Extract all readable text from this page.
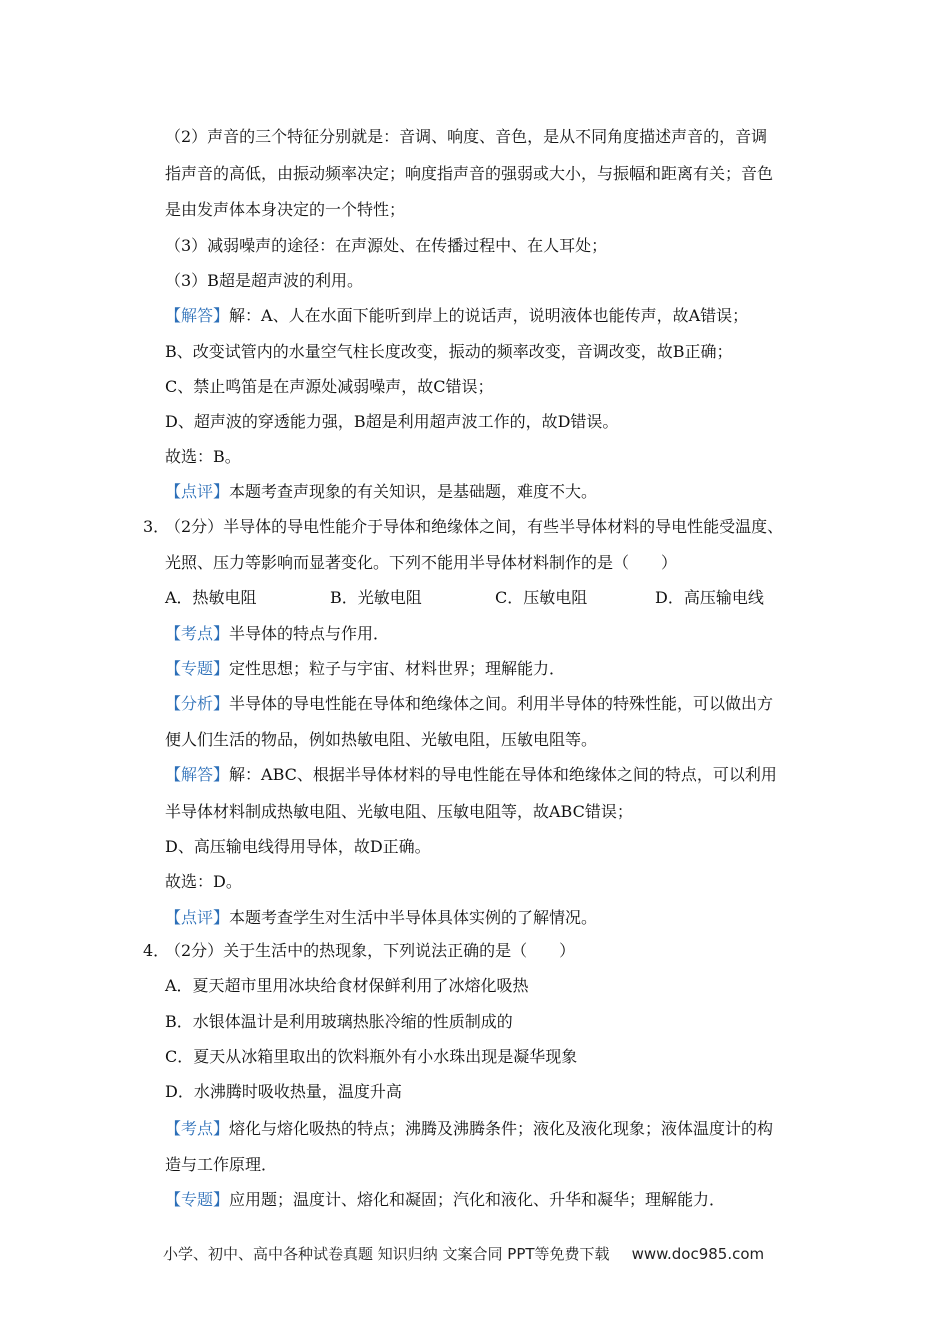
（2）声音的三个特征分别就是：音调、响度、音色，是从不同角度描述声音的，音调
指声音的高低，由振动频率决定；响度指声音的强弱或大小，与振幅和距离有关；音色
是由发声体本身决定的一个特性；
（3）减弱噪声的途径：在声源处、在传播过程中、在人耳处；
（3）B超是超声波的利用。
【解答】解：A、人在水面下能听到岸上的说话声，说明液体也能传声，故A错误；
B、改变试管内的水量空气柱长度改变，振动的频率改变，音调改变，故B正确；
C、禁止鸣笛是在声源处减弱噪声，故C错误；
D、超声波的穿透能力强，B超是利用超声波工作的，故D错误。
故选：B。
【点评】本题考查声现象的有关知识，是基础题，难度不大。
3．
（2分）半导体的导电性能介于导体和绝缘体之间，有些半导体材料的导电性能受温度、
光照、压力等影响而显著变化。下列不能用半导体材料制作的是（　　）
A．热敏电阻	B．光敏电阻	C．压敏电阻	D．高压输电线
【考点】半导体的特点与作用．
【专题】定性思想；粒子与宇宙、材料世界；理解能力．
【分析】半导体的导电性能在导体和绝缘体之间。利用半导体的特殊性能，可以做出方
便人们生活的物品，例如热敏电阻、光敏电阻，压敏电阻等。
【解答】解：ABC、根据半导体材料的导电性能在导体和绝缘体之间的特点，可以利用
半导体材料制成热敏电阻、光敏电阻、压敏电阻等，故ABC错误；
D、高压输电线得用导体，故D正确。
故选：D。
【点评】本题考查学生对生活中半导体具体实例的了解情况。
4．
（2分）关于生活中的热现象，下列说法正确的是（　　）
A．夏天超市里用冰块给食材保鲜利用了冰熔化吸热
B．水银体温计是利用玻璃热胀冷缩的性质制成的
C．夏天从冰箱里取出的饮料瓶外有小水珠出现是凝华现象
D．水沸腾时吸收热量，温度升高
【考点】熔化与熔化吸热的特点；沸腾及沸腾条件；液化及液化现象；液体温度计的构
造与工作原理．
【专题】应用题；温度计、熔化和凝固；汽化和液化、升华和凝华；理解能力．
小学、初中、高中各种试卷真题 知识归纳 文案合同 PPT等免费下载 www.doc985.com
